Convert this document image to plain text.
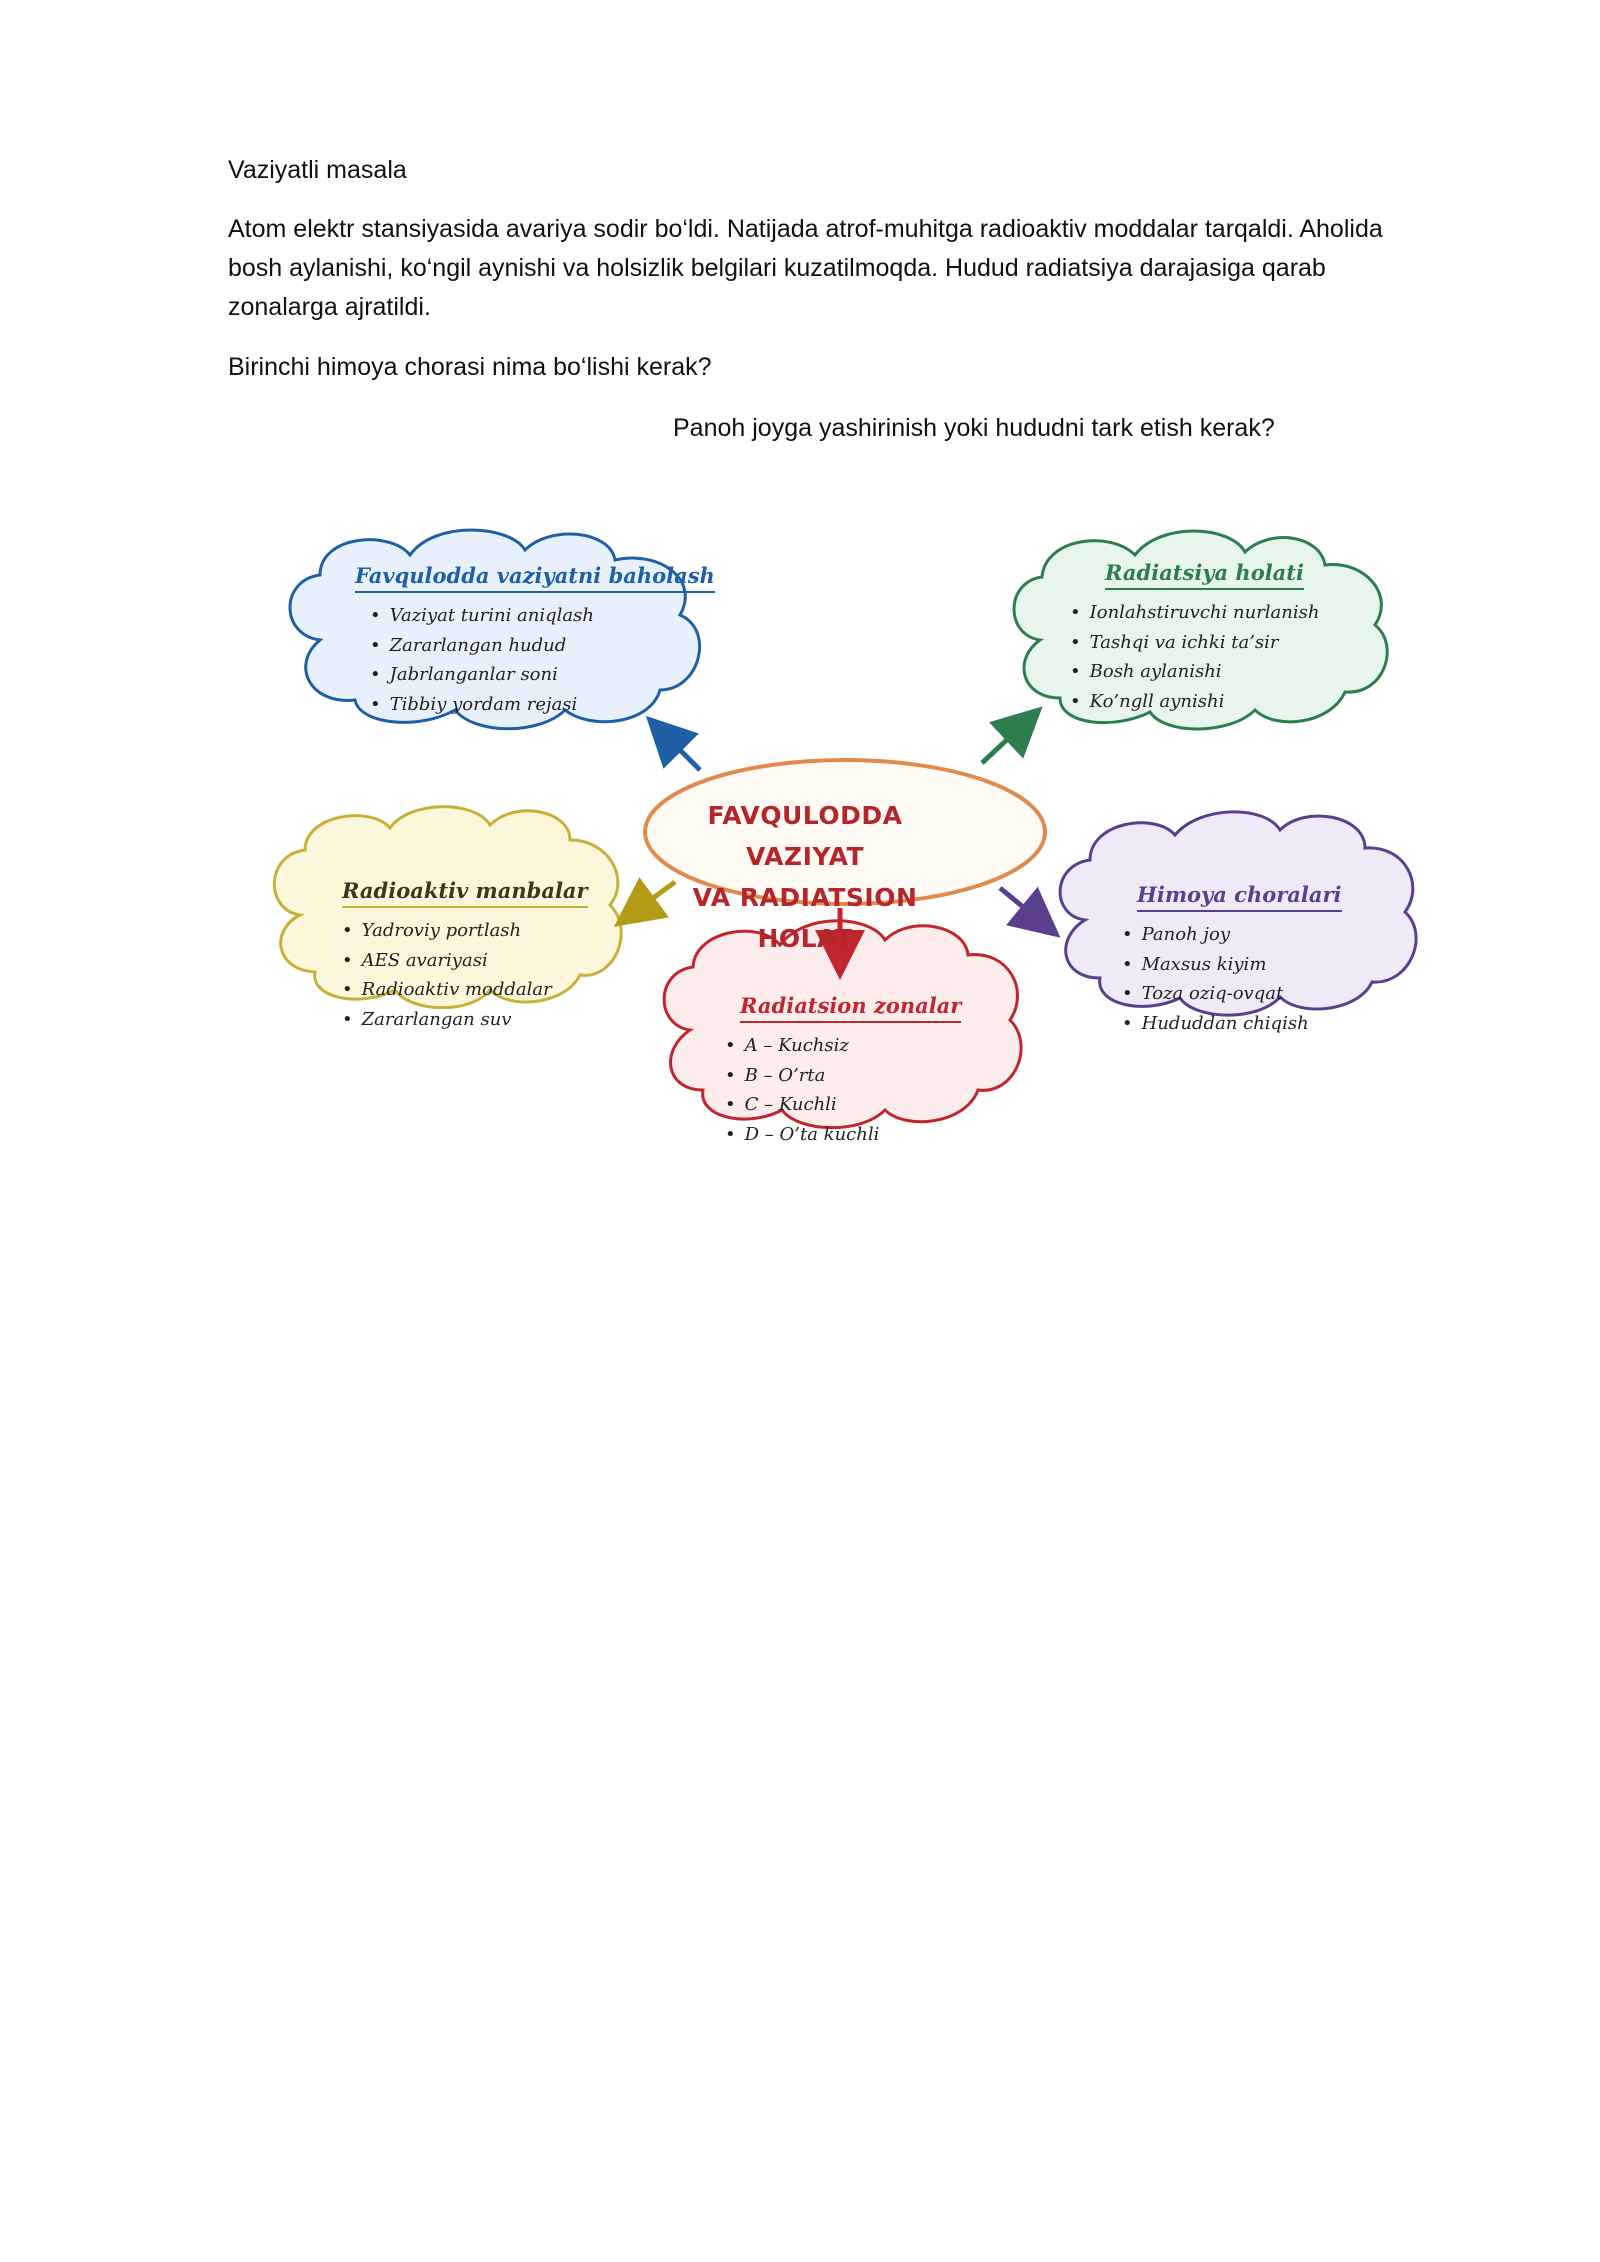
Vaziyatli masala

Atom elektr stansiyasida avariya sodir bo‘ldi. Natijada atrof-muhitga radioaktiv moddalar tarqaldi. Aholida bosh aylanishi, ko‘ngil aynishi va holsizlik belgilari kuzatilmoqda. Hudud radiatsiya darajasiga qarab zonalarga ajratildi.

Birinchi himoya chorasi nima bo‘lishi kerak?

Panoh joyga yashirinish yoki hududni tark etish kerak?

FAVQULODDA VAZIYAT
VA RADIATSION HOLAT
Favqulodda vaziyatni baholash
• Vaziyat turini aniqlash
• Zararlangan hudud
• Jabrlanganlar soni
• Tibbiy yordam rejasi
Radiatsiya holati
• Ionlahstiruvchi nurlanish
• Tashqi va ichki ta’sir
• Bosh aylanishi
• Ko’ngll aynishi
Radioaktiv manbalar
• Yadroviy portlash
• AES avariyasi
• Radioaktiv moddalar
• Zararlangan suv
Himoya choralari
• Panoh joy
• Maxsus kiyim
• Toza oziq-ovqat
• Hududdan chiqish
Radiatsion zonalar
• A – Kuchsiz
• B – O’rta
• C – Kuchli
• D – O’ta kuchli
